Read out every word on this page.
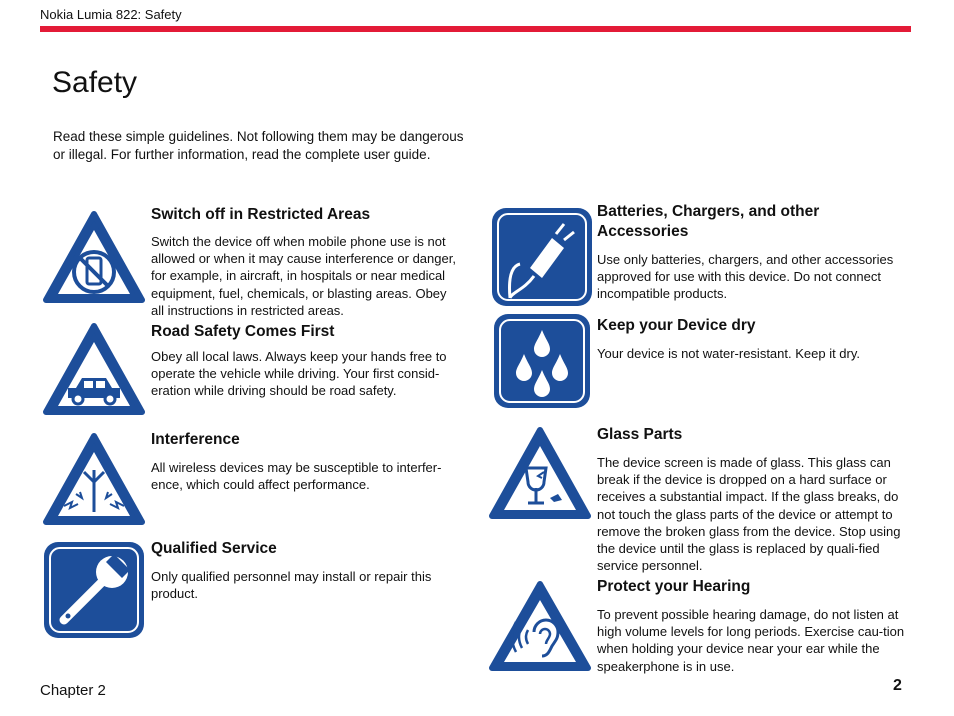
Nokia Lumia 822: Safety
Safety
Read these simple guidelines. Not following them may be dangerous or illegal. For further information, read the complete user guide.
Switch off in Restricted Areas
Switch the device off when mobile phone use is not allowed or when it may cause interference or danger, for example, in aircraft, in hospitals or near medical equipment, fuel, chemicals, or blasting areas. Obey all instructions in restricted areas.
Road Safety Comes First
Obey all local laws. Always keep your hands free to operate the vehicle while driving. Your first consid-eration while driving should be road safety.
Interference
All wireless devices may be susceptible to interfer-ence, which could affect performance.
Qualified Service
Only qualified personnel may install or repair this product.
Batteries, Chargers, and other Accessories
Use only batteries, chargers, and other accessories approved for use with this device. Do not connect incompatible products.
Keep your Device dry
Your device is not water-resistant. Keep it dry.
Glass Parts
The device screen is made of glass. This glass can break if the device is dropped on a hard surface or receives a substantial impact. If the glass breaks, do not touch the glass parts of the device or attempt to remove the broken glass from the device. Stop using the device until the glass is replaced by quali-fied service personnel.
Protect your Hearing
To prevent possible hearing damage, do not listen at high volume levels for long periods. Exercise cau-tion when holding your device near your ear while the speakerphone is in use.
Chapter 2	2
